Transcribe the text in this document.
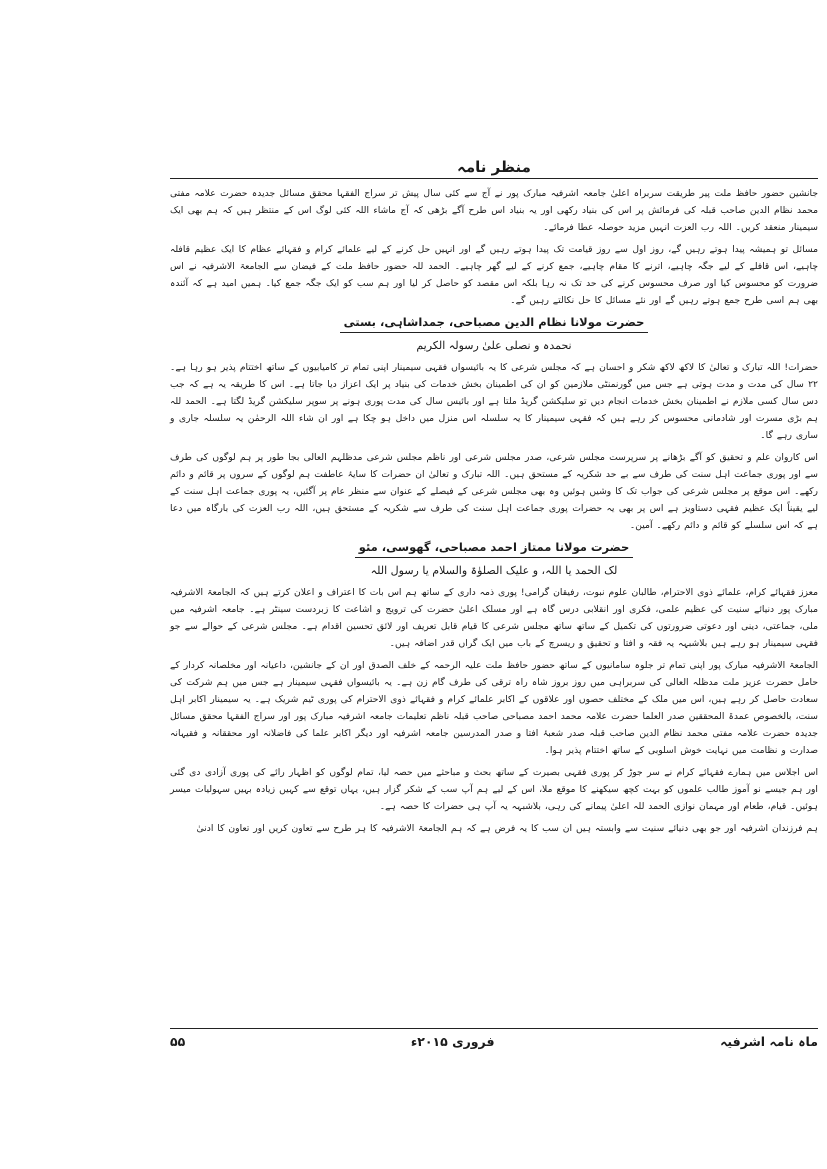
منظر نامہ

جانشین حضور حافظ ملت پیر طریقت سربراہ اعلیٰ جامعہ اشرفیہ مبارک پور نے آج سے کئی سال پیش تر سراج الفقہا محقق مسائل جدیدہ حضرت علامہ مفتی محمد نظام الدین صاحب قبلہ کی فرمائش پر اس کی بنیاد رکھی اور یہ بنیاد اس طرح آگے بڑھی کہ آج ماشاء اللہ کئی لوگ اس کے منتظر ہیں کہ ہم بھی ایک سیمینار منعقد کریں۔ اللہ رب العزت انہیں مزید حوصلہ عطا فرمائے۔

مسائل تو ہمیشہ پیدا ہوتے رہیں گے، روز اول سے روز قیامت تک پیدا ہوتے رہیں گے اور انہیں حل کرنے کے لیے علمائے کرام و فقہائے عظام کا ایک عظیم قافلہ چاہیے، اس قافلے کے لیے جگہ چاہیے، اترنے کا مقام چاہیے، جمع کرنے کے لیے گھر چاہیے۔ الحمد للہ حضور حافظ ملت کے فیضان سے الجامعۃ الاشرفیہ نے اس ضرورت کو محسوس کیا اور صرف محسوس کرنے کی حد تک نہ رہا بلکہ اس مقصد کو حاصل کر لیا اور ہم سب کو ایک جگہ جمع کیا۔ ہمیں امید ہے کہ آئندہ بھی ہم اسی طرح جمع ہوتے رہیں گے اور نئے مسائل کا حل نکالتے رہیں گے۔

حضرت مولانا نظام الدین مصباحی، جمداشاہی، بستی
نحمدہ و نصلی علیٰ رسولہ الکریم

حضرات! اللہ تبارک و تعالیٰ کا لاکھ لاکھ شکر و احسان ہے کہ مجلس شرعی کا یہ بائیسواں فقہی سیمینار اپنی تمام تر کامیابیوں کے ساتھ اختتام پذیر ہو رہا ہے۔ ۲۲ سال کی مدت و مدت ہوتی ہے جس میں گورنمنٹی ملازمین کو ان کی اطمینان بخش خدمات کی بنیاد پر ایک اعزاز دیا جاتا ہے۔ اس کا طریقہ یہ ہے کہ جب دس سال کسی ملازم نے اطمینان بخش خدمات انجام دیں تو سلیکشن گریڈ ملتا ہے اور بائیس سال کی مدت پوری ہونے پر سوپر سلیکشن گریڈ لگتا ہے۔ الحمد للہ ہم بڑی مسرت اور شادمانی محسوس کر رہے ہیں کہ فقہی سیمینار کا یہ سلسلہ اس منزل میں داخل ہو چکا ہے اور ان شاء اللہ الرحمٰن یہ سلسلہ جاری و ساری رہے گا۔

اس کاروان علم و تحقیق کو آگے بڑھانے پر سرپرست مجلس شرعی، صدر مجلس شرعی اور ناظم مجلس شرعی مدظلہم العالی بجا طور پر ہم لوگوں کی طرف سے اور پوری جماعت اہل سنت کی طرف سے بے حد شکریہ کے مستحق ہیں۔ اللہ تبارک و تعالیٰ ان حضرات کا سایۂ عاطفت ہم لوگوں کے سروں پر قائم و دائم رکھے۔ اس موقع پر مجلس شرعی کی جواب تک کا وشیں ہوئیں وہ بھی مجلس شرعی کے فیصلے کے عنوان سے منظر عام پر آگئیں، یہ پوری جماعت اہل سنت کے لیے یقیناً ایک عظیم فقہی دستاویز ہے اس پر بھی یہ حضرات پوری جماعت اہل سنت کی طرف سے شکریہ کے مستحق ہیں، اللہ رب العزت کی بارگاہ میں دعا ہے کہ اس سلسلے کو قائم و دائم رکھے۔ آمین۔

حضرت مولانا ممتاز احمد مصباحی، گھوسی، مئو
لک الحمد یا اللہ، و علیک الصلوٰۃ والسلام یا رسول اللہ

معزز فقہائے کرام، علمائے ذوی الاحترام، طالبان علوم نبوت، رفیقان گرامی! پوری ذمہ داری کے ساتھ ہم اس بات کا اعتراف و اعلان کرتے ہیں کہ الجامعۃ الاشرفیہ مبارک پور دنیائے سنیت کی عظیم علمی، فکری اور انقلابی درس گاہ ہے اور مسلک اعلیٰ حضرت کی ترویج و اشاعت کا زبردست سینٹر ہے۔ جامعہ اشرفیہ میں ملی، جماعتی، دینی اور دعوتی ضرورتوں کی تکمیل کے ساتھ ساتھ مجلس شرعی کا قیام قابل تعریف اور لائق تحسین اقدام ہے۔ مجلس شرعی کے حوالے سے جو فقہی سیمینار ہو رہے ہیں بلاشبہہ یہ فقہ و افتا و تحقیق و ریسرچ کے باب میں ایک گراں قدر اضافہ ہیں۔

الجامعۃ الاشرفیہ مبارک پور اپنی تمام تر جلوہ سامانیوں کے ساتھ حضور حافظ ملت علیہ الرحمہ کے خلف الصدق اور ان کے جانشین، داعیانہ اور مخلصانہ کردار کے حامل حضرت عزیز ملت مدظلہ العالی کی سربراہی میں روز بروز شاہ راہ ترقی کی طرف گام زن ہے۔ یہ بائیسواں فقہی سیمینار ہے جس میں ہم شرکت کی سعادت حاصل کر رہے ہیں، اس میں ملک کے مختلف حصوں اور علاقوں کے اکابر علمائے کرام و فقہائے ذوی الاحترام کی پوری ٹیم شریک ہے۔ یہ سیمینار اکابر اہل سنت، بالخصوص عمدۃ المحققین صدر العلما حضرت علامہ محمد احمد مصباحی صاحب قبلہ ناظم تعلیمات جامعہ اشرفیہ مبارک پور اور سراج الفقہا محقق مسائل جدیدہ حضرت علامہ مفتی محمد نظام الدین صاحب قبلہ صدر شعبۂ افتا و صدر المدرسین جامعہ اشرفیہ اور دیگر اکابر علما کی فاضلانہ اور محققانہ و فقیہانہ صدارت و نظامت میں نہایت خوش اسلوبی کے ساتھ اختتام پذیر ہوا۔

اس اجلاس میں ہمارے فقہائے کرام نے سر جوڑ کر پوری فقہی بصیرت کے ساتھ بحث و مباحثے میں حصہ لیا، تمام لوگوں کو اظہار رائے کی پوری آزادی دی گئی اور ہم جیسے نو آموز طالب علموں کو بہت کچھ سیکھنے کا موقع ملا، اس کے لیے ہم آپ سب کے شکر گزار ہیں، یہاں توقع سے کہیں زیادہ بہیں سہولیات میسر ہوئیں۔ قیام، طعام اور مہمان نوازی الحمد للہ اعلیٰ پیمانے کی رہی، بلاشبہہ یہ آپ ہی حضرات کا حصہ ہے۔

ہم فرزندان اشرفیہ اور جو بھی دنیائے سنیت سے وابستہ ہیں ان سب کا یہ فرض ہے کہ ہم الجامعۃ الاشرفیہ کا ہر طرح سے تعاون کریں اور تعاون کا ادنیٰ

ماہ نامہ اشرفیہ
فروری ۲۰۱۵ء
۵۵
